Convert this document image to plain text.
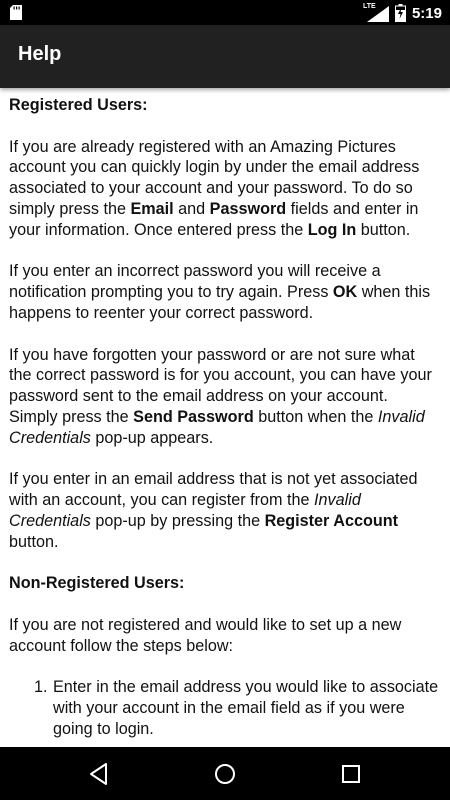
LTE 5:19
Help

Registered Users:

If you are already registered with an Amazing Pictures account you can quickly login by under the email address associated to your account and your password. To do so simply press the Email and Password fields and enter in your information. Once entered press the Log In button.

If you enter an incorrect password you will receive a notification prompting you to try again. Press OK when this happens to reenter your correct password.

If you have forgotten your password or are not sure what the correct password is for you account, you can have your password sent to the email address on your account. Simply press the Send Password button when the Invalid Credentials pop-up appears.

If you enter in an email address that is not yet associated with an account, you can register from the Invalid Credentials pop-up by pressing the Register Account button.

Non-Registered Users:

If you are not registered and would like to set up a new account follow the steps below:

1. Enter in the email address you would like to associate with your account in the email field as if you were going to login.
